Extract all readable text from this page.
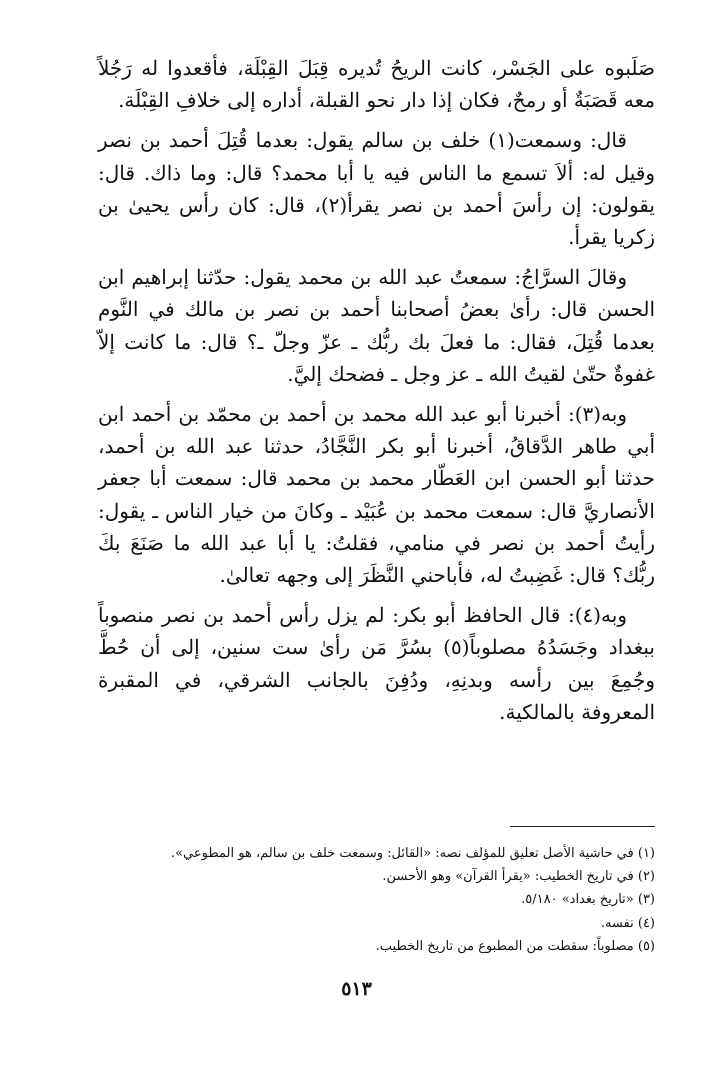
صَلَبوه على الجَسْر، كانت الريحُ تُديره قِبَلَ القِبْلَة، فأقعدوا له رَجُلاً معه قَصَبَةٌ أو رمحٌ، فكان إذا دار نحو القبلة، أداره إلى خلافِ القِبْلَة.

قال: وسمعت(١) خلف بن سالم يقول: بعدما قُتِلَ أحمد بن نصر وقيل له: ألاَ تسمع ما الناس فيه يا أبا محمد؟ قال: وما ذاك. قال: يقولون: إن رأسَ أحمد بن نصر يقرأ(٢)، قال: كان رأس يحيىٰ بن زكريا يقرأ.

وقالَ السرَّاجُ: سمعتُ عبد الله بن محمد يقول: حدّثنا إبراهيم ابن الحسن قال: رأىٰ بعضُ أصحابنا أحمد بن نصر بن مالك في النَّوم بعدما قُتِلَ، فقال: ما فعلَ بك ربُّك ـ عزّ وجلّ ـ؟ قال: ما كانت إلاّ غفوةٌ حتّىٰ لقيتُ الله ـ عز وجل ـ فضحك إليَّ.

وبه(٣): أخبرنا أبو عبد الله محمد بن أحمد بن محمّد بن أحمد ابن أبي طاهر الدَّقاقُ، أخبرنا أبو بكر النَّجَّادُ، حدثنا عبد الله بن أحمد، حدثنا أبو الحسن ابن العَطّار محمد بن محمد قال: سمعت أبا جعفر الأنصاريَّ قال: سمعت محمد بن عُبَيْد ـ وكانَ من خيار الناس ـ يقول: رأيتُ أحمد بن نصر في منامي، فقلتُ: يا أبا عبد الله ما صَنَعَ بكَ ربُّك؟ قال: غَضِبتُ له، فأباحني النَّظَرَ إلى وجهه تعالىٰ.

وبه(٤): قال الحافظ أبو بكر: لم يزل رأس أحمد بن نصر منصوباً ببغداد وجَسَدُهُ مصلوباً(٥) بسُرَّ مَن رأىٰ ست سنين، إلى أن حُطَّ وجُمِعَ بين رأسه وبدنِهِ، ودُفِنَ بالجانب الشرقي، في المقبرة المعروفة بالمالكية.

(١) في حاشية الأصل تعليق للمؤلف نصه: «القائل: وسمعت خلف بن سالم، هو المطوعي».

(٢) في تاريخ الخطيب: «يقرأ القرآن» وهو الأحسن.

(٣) «تاريخ بغداد» ٥/١٨٠.

(٤) نفسه.

(٥) مصلوباً: سقطت من المطبوع من تاريخ الخطيب.

٥١٣
